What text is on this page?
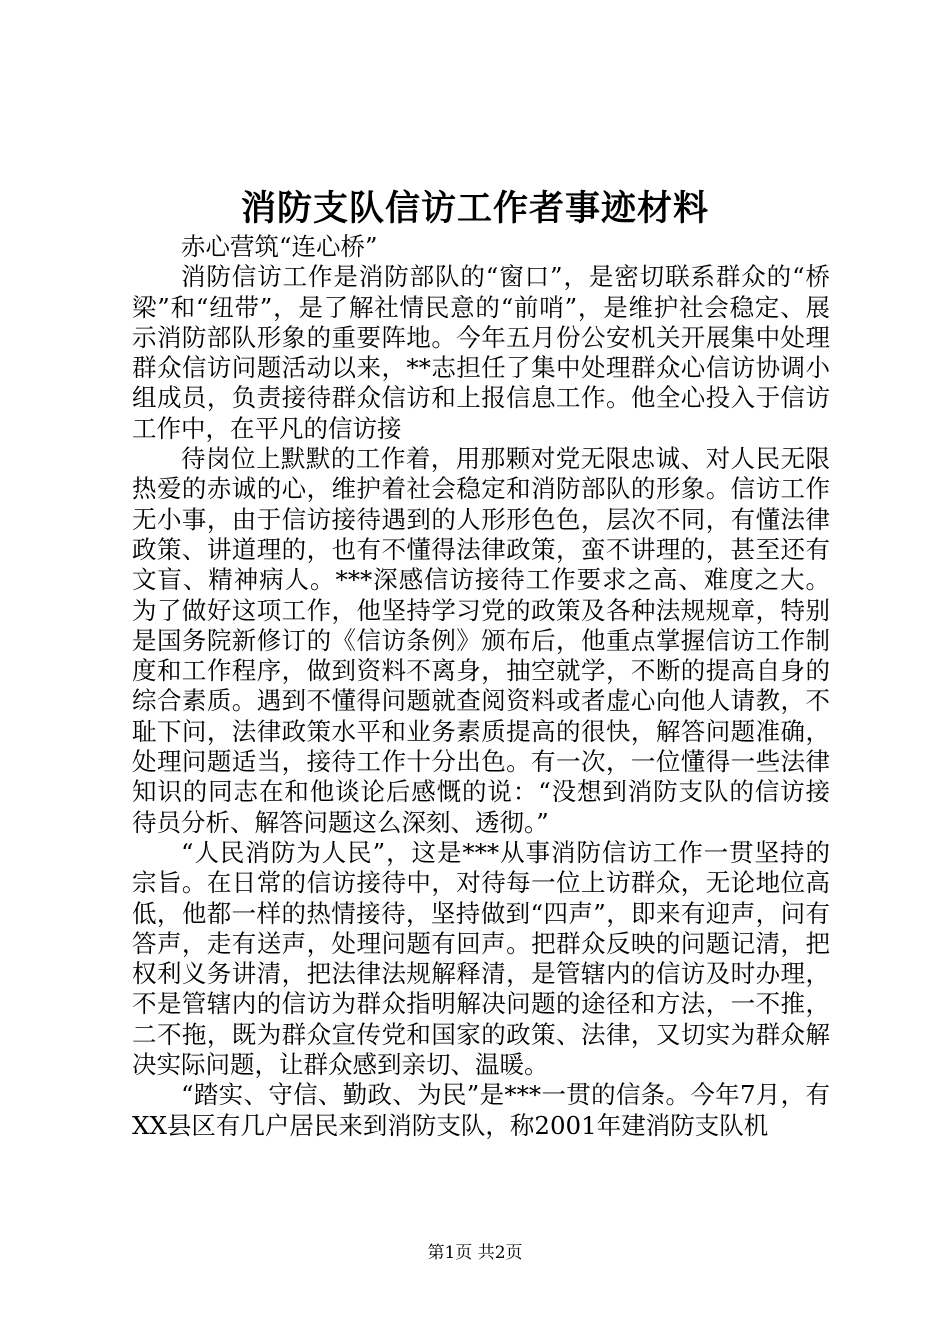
消防支队信访工作者事迹材料

赤心营筑“连心桥”

消防信访工作是消防部队的“窗口”，是密切联系群众的“桥梁”和“纽带”，是了解社情民意的“前哨”，是维护社会稳定、展示消防部队形象的重要阵地。今年五月份公安机关开展集中处理群众信访问题活动以来，**志担任了集中处理群众心信访协调小组成员，负责接待群众信访和上报信息工作。他全心投入于信访工作中，在平凡的信访接

待岗位上默默的工作着，用那颗对党无限忠诚、对人民无限热爱的赤诚的心，维护着社会稳定和消防部队的形象。信访工作无小事，由于信访接待遇到的人形形色色，层次不同，有懂法律政策、讲道理的，也有不懂得法律政策，蛮不讲理的，甚至还有文盲、精神病人。***深感信访接待工作要求之高、难度之大。为了做好这项工作，他坚持学习党的政策及各种法规规章，特别是国务院新修订的《信访条例》颁布后，他重点掌握信访工作制度和工作程序，做到资料不离身，抽空就学，不断的提高自身的综合素质。遇到不懂得问题就查阅资料或者虚心向他人请教，不耻下问，法律政策水平和业务素质提高的很快，解答问题准确，处理问题适当，接待工作十分出色。有一次，一位懂得一些法律知识的同志在和他谈论后感慨的说：“没想到消防支队的信访接待员分析、解答问题这么深刻、透彻。”

“人民消防为人民”，这是***从事消防信访工作一贯坚持的宗旨。在日常的信访接待中，对待每一位上访群众，无论地位高低，他都一样的热情接待，坚持做到“四声”，即来有迎声，问有答声，走有送声，处理问题有回声。把群众反映的问题记清，把权利义务讲清，把法律法规解释清，是管辖内的信访及时办理，不是管辖内的信访为群众指明解决问题的途径和方法，一不推，二不拖，既为群众宣传党和国家的政策、法律，又切实为群众解决实际问题，让群众感到亲切、温暖。

“踏实、守信、勤政、为民”是***一贯的信条。今年7月，有XX县区有几户居民来到消防支队，称2001年建消防支队机

第1页 共2页
